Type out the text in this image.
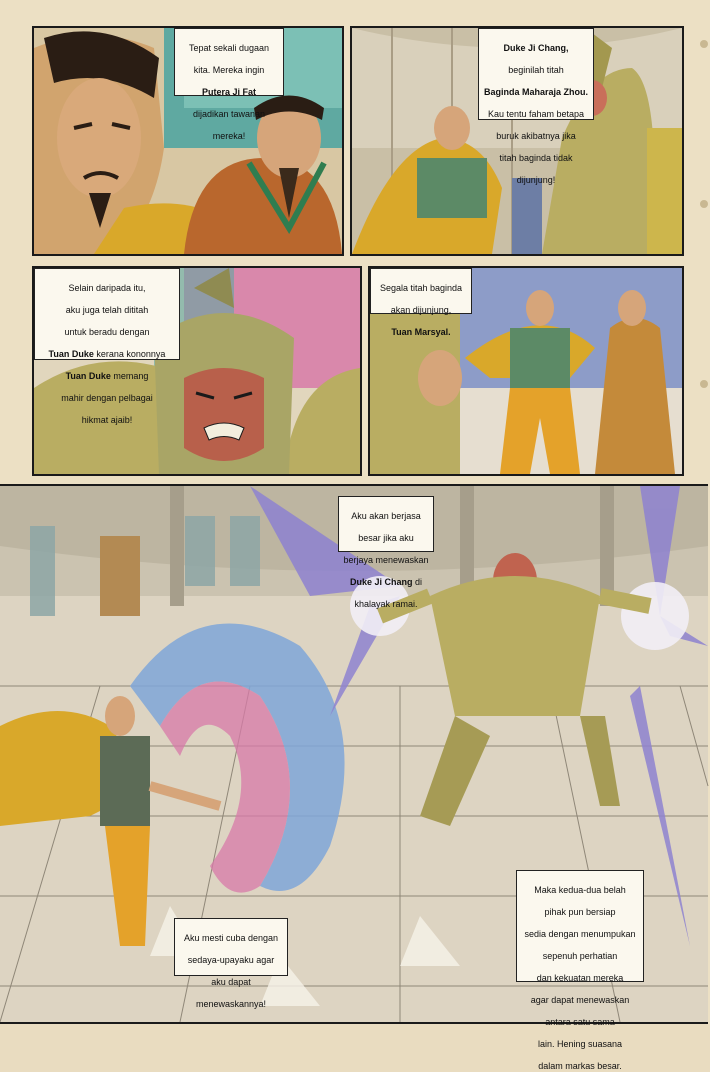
Tepat sekali dugaan

kita. Mereka ingin

Putera Ji Fat

dijadikan tawanan

mereka!

Duke Ji Chang,

beginilah titah

Baginda Maharaja Zhou.

Kau tentu faham betapa

buruk akibatnya jika

titah baginda tidak

dijunjung!

Selain daripada itu,

aku juga telah dititah

untuk beradu dengan

Tuan Duke kerana kononnya

Tuan Duke memang

mahir dengan pelbagai

hikmat ajaib!

Segala titah baginda

akan dijunjung,

Tuan Marsyal.

Aku akan berjasa

besar jika aku

berjaya menewaskan

Duke Ji Chang di

khalayak ramai.

Aku mesti cuba dengan

sedaya-upayaku agar

aku dapat

menewaskannya!

Maka kedua-dua belah

pihak pun bersiap

sedia dengan menumpukan

sepenuh perhatian

dan kekuatan mereka

agar dapat menewaskan

antara satu sama

lain. Hening suasana

dalam markas besar.
